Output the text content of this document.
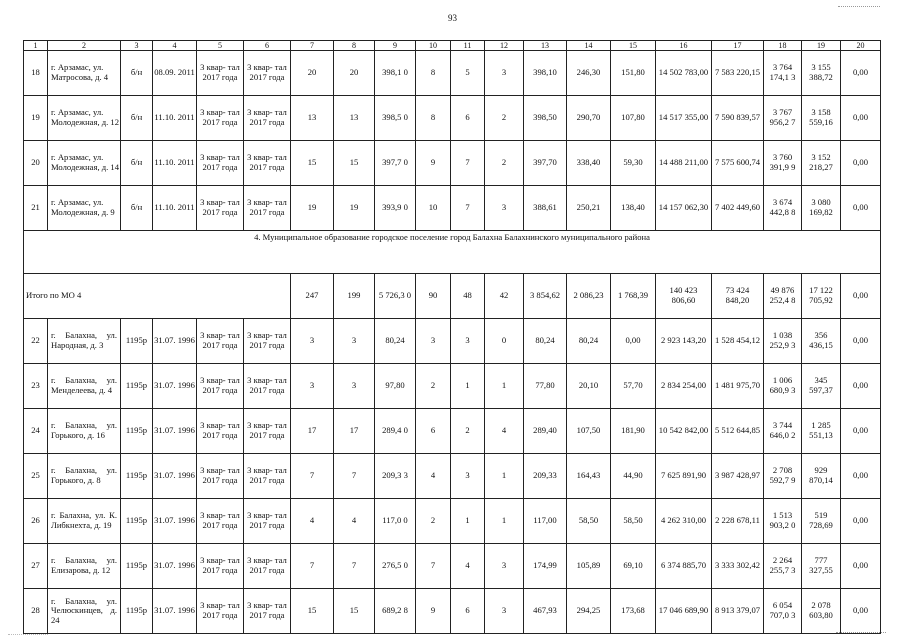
93
1	2	3	4	5	6	7	8	9	10	11	12	13	14	15	16	17	18	19	20
18	г. Арзамас, ул. Матросова, д. 4	б/н	08.09. 2011	3 квар- тал 2017 года	3 квар- тал 2017 года	20	20	398,1 0	8	5	3	398,10	246,30	151,80	14 502 783,00	7 583 220,15	3 764 174,1 3	3 155 388,72	0,00
19	г. Арзамас, ул. Молодежная, д. 12	б/н	11.10. 2011	3 квар- тал 2017 года	3 квар- тал 2017 года	13	13	398,5 0	8	6	2	398,50	290,70	107,80	14 517 355,00	7 590 839,57	3 767 956,2 7	3 158 559,16	0,00
20	г. Арзамас, ул. Молодежная, д. 14	б/н	11.10. 2011	3 квар- тал 2017 года	3 квар- тал 2017 года	15	15	397,7 0	9	7	2	397,70	338,40	59,30	14 488 211,00	7 575 600,74	3 760 391,9 9	3 152 218,27	0,00
21	г. Арзамас, ул. Молодежная, д. 9	б/н	11.10. 2011	3 квар- тал 2017 года	3 квар- тал 2017 года	19	19	393,9 0	10	7	3	388,61	250,21	138,40	14 157 062,30	7 402 449,60	3 674 442,8 8	3 080 169,82	0,00
4. Муниципальное образование городское поселение город Балахна Балахнинского муниципального района																			
Итого по МО 4						247	199	5 726,3 0	90	48	42	3 854,62	2 086,23	1 768,39	140 423 806,60	73 424 848,20	49 876 252,4 8	17 122 705,92	0,00
22	г. Балахна, ул. Народная, д. 3	1195р	31.07. 1996	3 квар- тал 2017 года	3 квар- тал 2017 года	3	3	80,24	3	3	0	80,24	80,24	0,00	2 923 143,20	1 528 454,12	1 038 252,9 3	356 436,15	0,00
23	г. Балахна, ул. Менделеева, д. 4	1195р	31.07. 1996	3 квар- тал 2017 года	3 квар- тал 2017 года	3	3	97,80	2	1	1	77,80	20,10	57,70	2 834 254,00	1 481 975,70	1 006 680,9 3	345 597,37	0,00
24	г. Балахна, ул. Горького, д. 16	1195р	31.07. 1996	3 квар- тал 2017 года	3 квар- тал 2017 года	17	17	289,4 0	6	2	4	289,40	107,50	181,90	10 542 842,00	5 512 644,85	3 744 646,0 2	1 285 551,13	0,00
25	г. Балахна, ул. Горького, д. 8	1195р	31.07. 1996	3 квар- тал 2017 года	3 квар- тал 2017 года	7	7	209,3 3	4	3	1	209,33	164,43	44,90	7 625 891,90	3 987 428,97	2 708 592,7 9	929 870,14	0,00
26	г. Балахна, ул. К. Либкнехта, д. 19	1195р	31.07. 1996	3 квар- тал 2017 года	3 квар- тал 2017 года	4	4	117,0 0	2	1	1	117,00	58,50	58,50	4 262 310,00	2 228 678,11	1 513 903,2 0	519 728,69	0,00
27	г. Балахна, ул. Елизарова, д. 12	1195р	31.07. 1996	3 квар- тал 2017 года	3 квар- тал 2017 года	7	7	276,5 0	7	4	3	174,99	105,89	69,10	6 374 885,70	3 333 302,42	2 264 255,7 3	777 327,55	0,00
28	г. Балахна, ул. Челюскинцев, д. 24	1195р	31.07. 1996	3 квар- тал 2017 года	3 квар- тал 2017 года	15	15	689,2 8	9	6	3	467,93	294,25	173,68	17 046 689,90	8 913 379,07	6 054 707,0 3	2 078 603,80	0,00
